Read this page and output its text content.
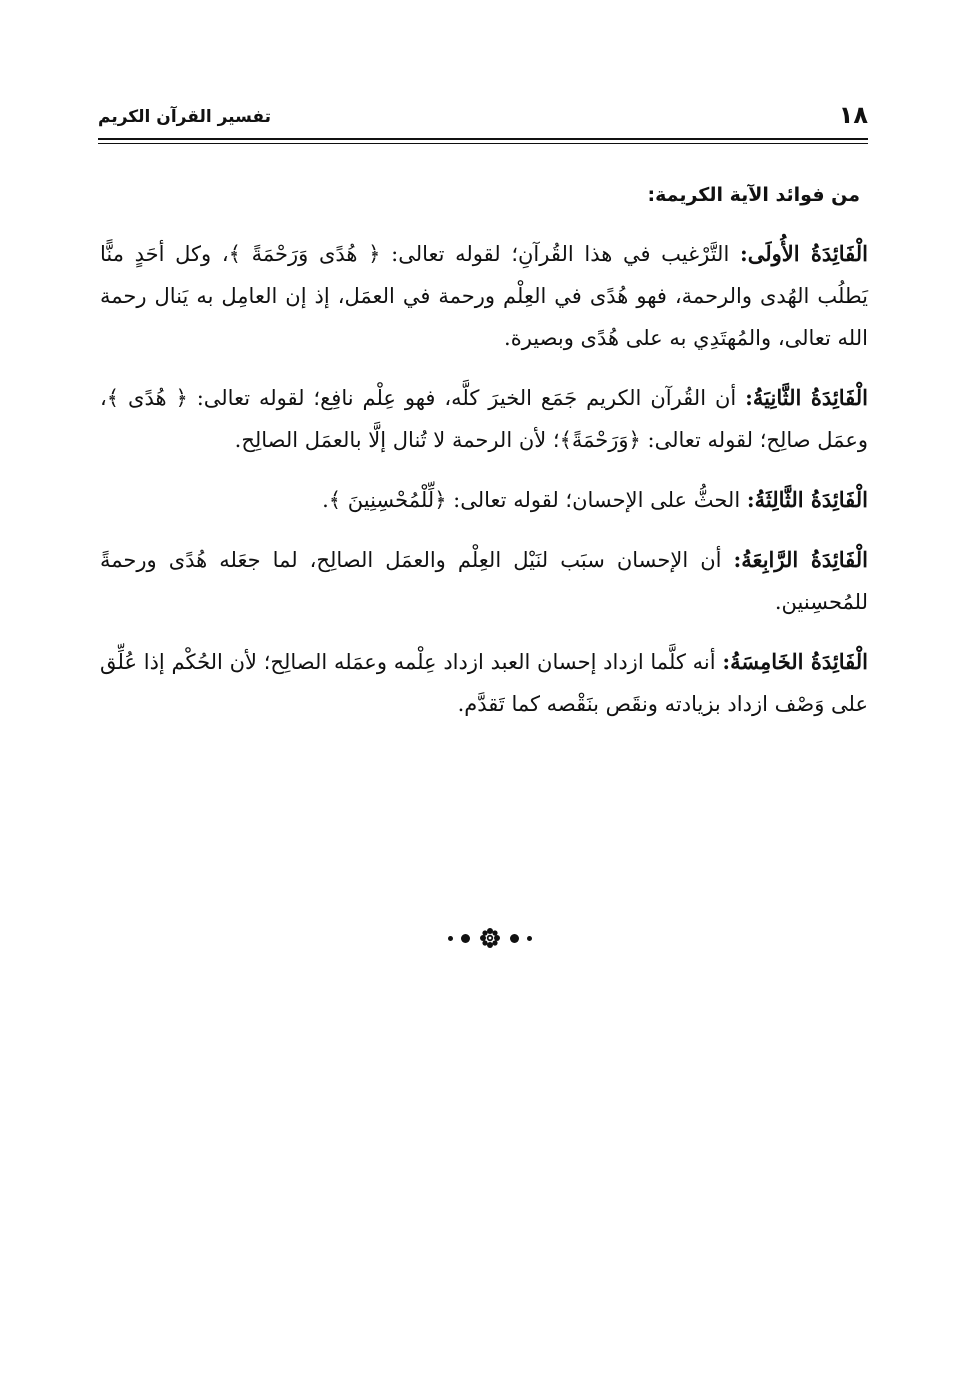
١٨
تفسير القرآن الكريم
من فوائد الآية الكريمة:

الْفَائِدَةُ الأُولَى: التَّرْغيب في هذا القُرآنِ؛ لقوله تعالى: ﴿ هُدًى وَرَحْمَةً ﴾، وكل أحَدٍ منًّا يَطلُب الهُدى والرحمة، فهو هُدًى في العِلْم ورحمة في العمَل، إذ إن العامِل به يَنال رحمة الله تعالى، والمُهتَدِي به على هُدًى وبصيرة.

الْفَائِدَةُ الثَّانِيَةُ: أن القُرآن الكريم جَمَع الخيرَ كلَّه، فهو عِلْم نافِع؛ لقوله تعالى: ﴿ هُدًى ﴾، وعمَل صالِح؛ لقوله تعالى: ﴿وَرَحْمَةً﴾؛ لأن الرحمة لا تُنال إلَّا بالعمَل الصالِح.

الْفَائِدَةُ الثَّالِثَةُ: الحثُّ على الإحسان؛ لقوله تعالى: ﴿لِّلْمُحْسِنِينَ ﴾.

الْفَائِدَةُ الرَّابِعَةُ: أن الإحسان سبَب لنَيْل العِلْم والعمَل الصالِح، لما جعَله هُدًى ورحمةً للمُحسِنين.

الْفَائِدَةُ الخَامِسَةُ: أنه كلَّما ازداد إحسان العبد ازداد عِلْمه وعمَله الصالِح؛ لأن الحُكْم إذا عُلِّق على وَصْف ازداد بزيادته ونقَص بنَقْصه كما تَقدَّم.
